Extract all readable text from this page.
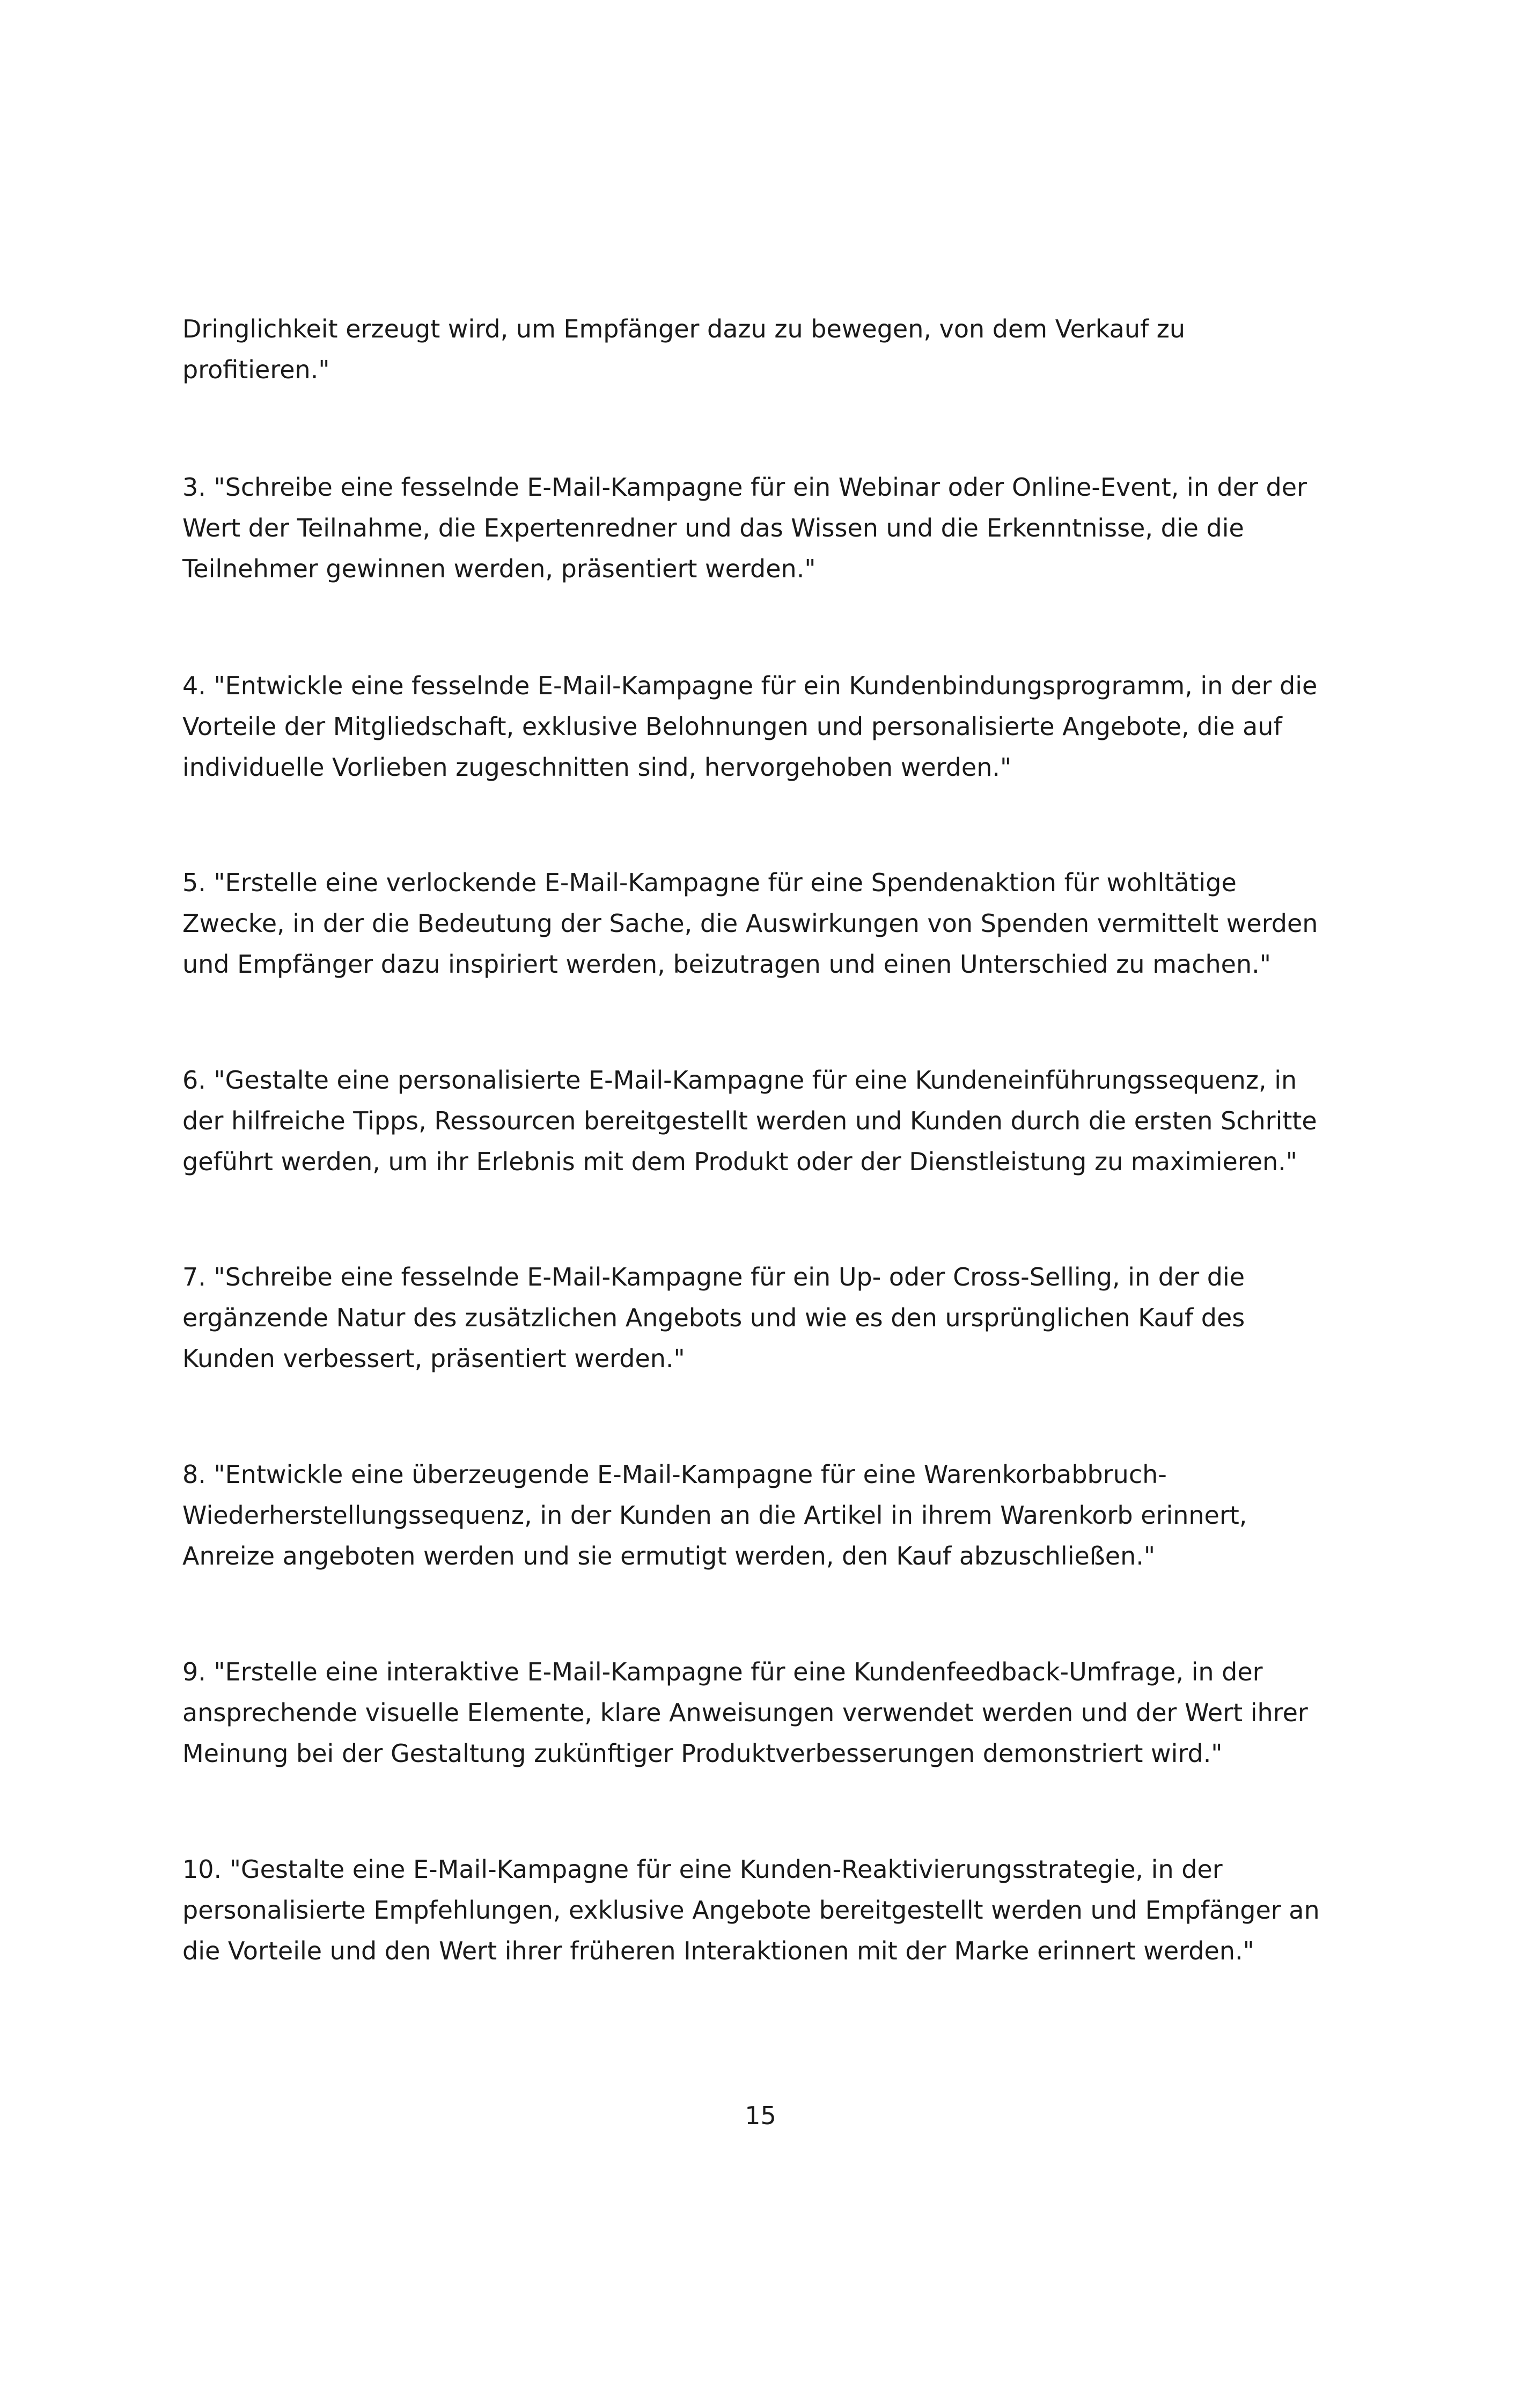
Dringlichkeit erzeugt wird, um Empfänger dazu zu bewegen, von dem Verkauf zu
profitieren."

3. "Schreibe eine fesselnde E-Mail-Kampagne für ein Webinar oder Online-Event, in der der
Wert der Teilnahme, die Expertenredner und das Wissen und die Erkenntnisse, die die
Teilnehmer gewinnen werden, präsentiert werden."

4. "Entwickle eine fesselnde E-Mail-Kampagne für ein Kundenbindungsprogramm, in der die
Vorteile der Mitgliedschaft, exklusive Belohnungen und personalisierte Angebote, die auf
individuelle Vorlieben zugeschnitten sind, hervorgehoben werden."

5. "Erstelle eine verlockende E-Mail-Kampagne für eine Spendenaktion für wohltätige
Zwecke, in der die Bedeutung der Sache, die Auswirkungen von Spenden vermittelt werden
und Empfänger dazu inspiriert werden, beizutragen und einen Unterschied zu machen."

6. "Gestalte eine personalisierte E-Mail-Kampagne für eine Kundeneinführungssequenz, in
der hilfreiche Tipps, Ressourcen bereitgestellt werden und Kunden durch die ersten Schritte
geführt werden, um ihr Erlebnis mit dem Produkt oder der Dienstleistung zu maximieren."

7. "Schreibe eine fesselnde E-Mail-Kampagne für ein Up- oder Cross-Selling, in der die
ergänzende Natur des zusätzlichen Angebots und wie es den ursprünglichen Kauf des
Kunden verbessert, präsentiert werden."

8. "Entwickle eine überzeugende E-Mail-Kampagne für eine Warenkorbabbruch-
Wiederherstellungssequenz, in der Kunden an die Artikel in ihrem Warenkorb erinnert,
Anreize angeboten werden und sie ermutigt werden, den Kauf abzuschließen."

9. "Erstelle eine interaktive E-Mail-Kampagne für eine Kundenfeedback-Umfrage, in der
ansprechende visuelle Elemente, klare Anweisungen verwendet werden und der Wert ihrer
Meinung bei der Gestaltung zukünftiger Produktverbesserungen demonstriert wird."

10. "Gestalte eine E-Mail-Kampagne für eine Kunden-Reaktivierungsstrategie, in der
personalisierte Empfehlungen, exklusive Angebote bereitgestellt werden und Empfänger an
die Vorteile und den Wert ihrer früheren Interaktionen mit der Marke erinnert werden."

15
